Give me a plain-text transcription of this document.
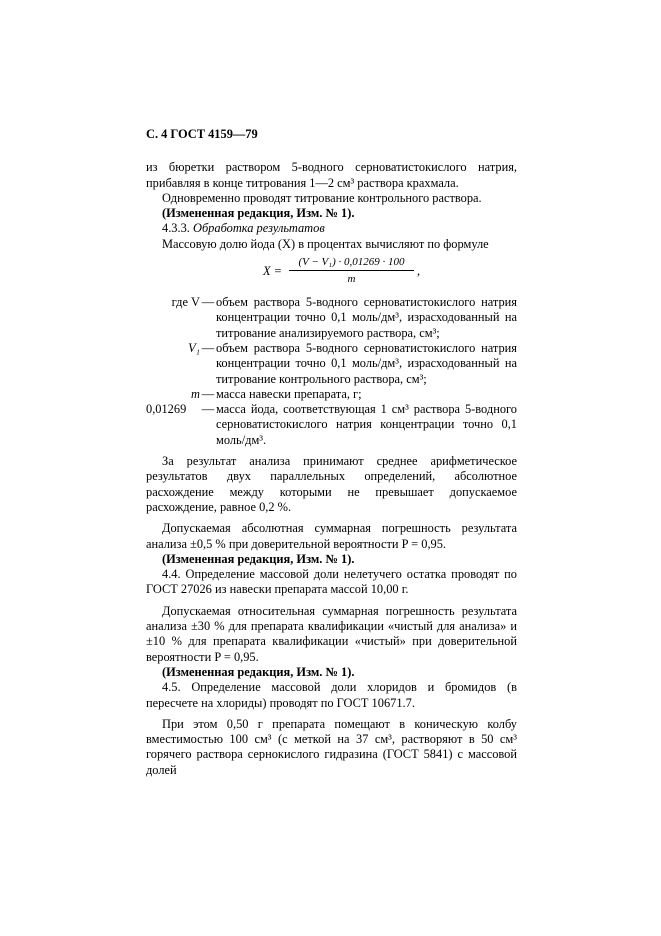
С. 4 ГОСТ 4159—79

из бюретки раствором 5-водного серноватистокислого натрия, прибавляя в конце титрования 1—2 см³ раствора крахмала.

Одновременно проводят титрование контрольного раствора.

(Измененная редакция, Изм. № 1).

4.3.3. Обработка результатов

Массовую долю йода (X) в процентах вычисляют по формуле

X =
(V − V₁) · 0,01269 · 100
m
,
где V — объем раствора 5-водного серноватистокислого натрия концентрации точно 0,1 моль/дм³, израсходованный на титрование анализируемого раствора, см³;
V₁ — объем раствора 5-водного серноватистокислого натрия концентрации точно 0,1 моль/дм³, израсходованный на титрование контрольного раствора, см³;
m — масса навески препарата, г;
0,01269	— масса йода, соответствующая 1 см³ раствора 5-водного серноватистокислого натрия концентрации точно 0,1 моль/дм³.

За результат анализа принимают среднее арифметическое результатов двух параллельных определений, абсолютное расхождение между которыми не превышает допускаемое расхождение, равное 0,2 %.

Допускаемая абсолютная суммарная погрешность результата анализа ±0,5 % при доверительной вероятности P = 0,95.

(Измененная редакция, Изм. № 1).

4.4. Определение массовой доли нелетучего остатка проводят по ГОСТ 27026 из навески препарата массой 10,00 г.

Допускаемая относительная суммарная погрешность результата анализа ±30 % для препарата квалификации «чистый для анализа» и ±10 % для препарата квалификации «чистый» при доверительной вероятности P = 0,95.

(Измененная редакция, Изм. № 1).

4.5. Определение массовой доли хлоридов и бромидов (в пересчете на хлориды) проводят по ГОСТ 10671.7.

При этом 0,50 г препарата помещают в коническую колбу вместимостью 100 см³ (с меткой на 37 см³, растворяют в 50 см³ горячего раствора сернокислого гидразина (ГОСТ 5841) с массовой долей
